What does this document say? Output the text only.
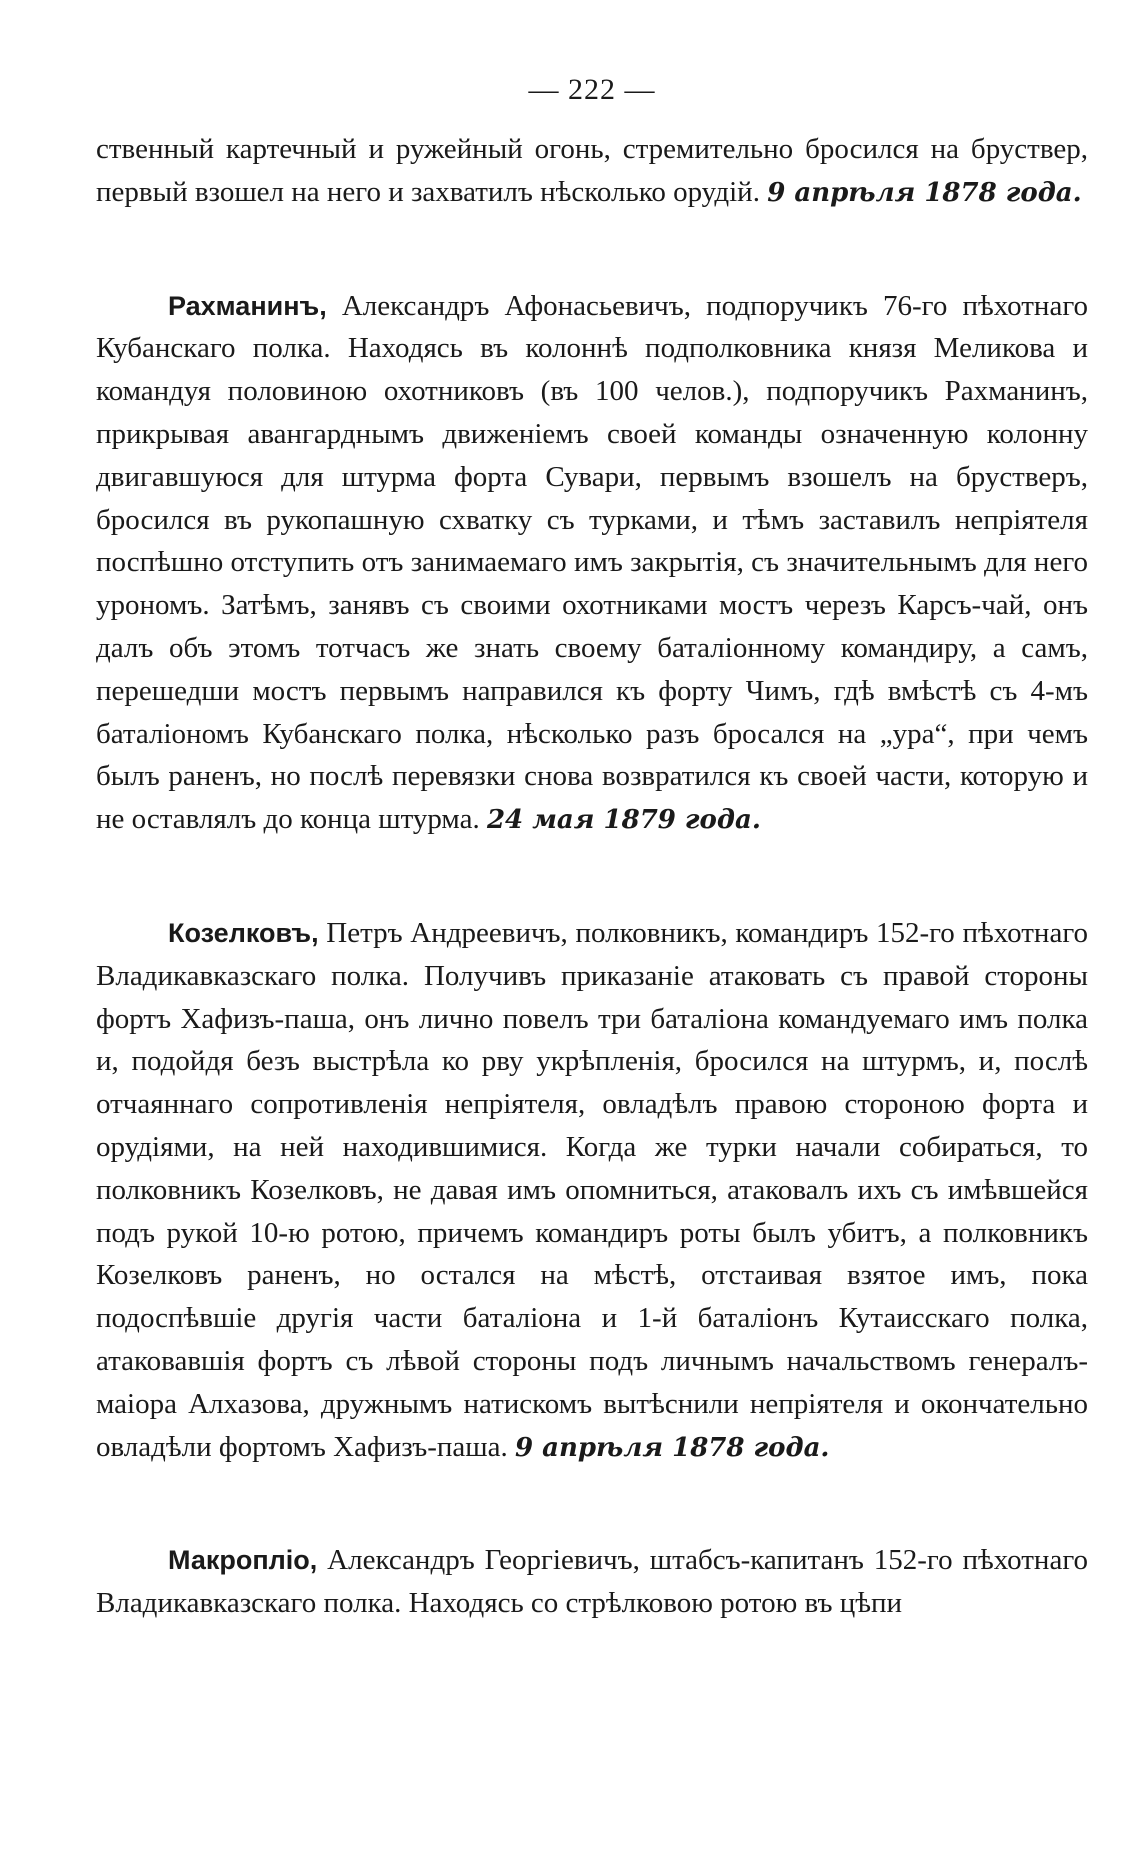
— 222 —

ственный картечный и ружейный огонь, стремительно бросился на бруствер, первый взошел на него и захватилъ нѣсколько орудій. 9 апрѣля 1878 года.

Рахманинъ, Александръ Афонасьевичъ, подпоручикъ 76-го пѣхотнаго Кубанскаго полка. Находясь въ колоннѣ подполковника князя Меликова и командуя половиною охотниковъ (въ 100 челов.), подпоручикъ Рахманинъ, прикрывая авангарднымъ движеніемъ своей команды означенную колонну двигавшуюся для штурма форта Сувари, первымъ взошелъ на брустверъ, бросился въ рукопашную схватку съ турками, и тѣмъ заставилъ непріятеля поспѣшно отступить отъ занимаемаго имъ закрытія, съ значительнымъ для него урономъ. Затѣмъ, занявъ съ своими охотниками мостъ черезъ Карсъ-чай, онъ далъ объ этомъ тотчасъ же знать своему баталіонному командиру, а самъ, перешедши мостъ первымъ направился къ форту Чимъ, гдѣ вмѣстѣ съ 4-мъ баталіономъ Кубанскаго полка, нѣсколько разъ бросался на „ура“, при чемъ былъ раненъ, но послѣ перевязки снова возвратился къ своей части, которую и не оставлялъ до конца штурма. 24 мая 1879 года.

Козелковъ, Петръ Андреевичъ, полковникъ, командиръ 152-го пѣхотнаго Владикавказскаго полка. Получивъ приказаніе атаковать съ правой стороны фортъ Хафизъ-паша, онъ лично повелъ три баталіона командуемаго имъ полка и, подойдя безъ выстрѣла ко рву укрѣпленія, бросился на штурмъ, и, послѣ отчаяннаго сопротивленія непріятеля, овладѣлъ правою стороною форта и орудіями, на ней находившимися. Когда же турки начали собираться, то полковникъ Козелковъ, не давая имъ опомниться, атаковалъ ихъ съ имѣвшейся подъ рукой 10-ю ротою, причемъ командиръ роты былъ убитъ, а полковникъ Козелковъ раненъ, но остался на мѣстѣ, отстаивая взятое имъ, пока подоспѣвшіе другія части баталіона и 1-й баталіонъ Кутаисскаго полка, атаковавшія фортъ съ лѣвой стороны подъ личнымъ начальствомъ генералъ-маіора Алхазова, дружнымъ натискомъ вытѣснили непріятеля и окончательно овладѣли фортомъ Хафизъ-паша. 9 апрѣля 1878 года.

Макропліо, Александръ Георгіевичъ, штабсъ-капитанъ 152-го пѣхотнаго Владикавказскаго полка. Находясь со стрѣлковою ротою въ цѣпи
